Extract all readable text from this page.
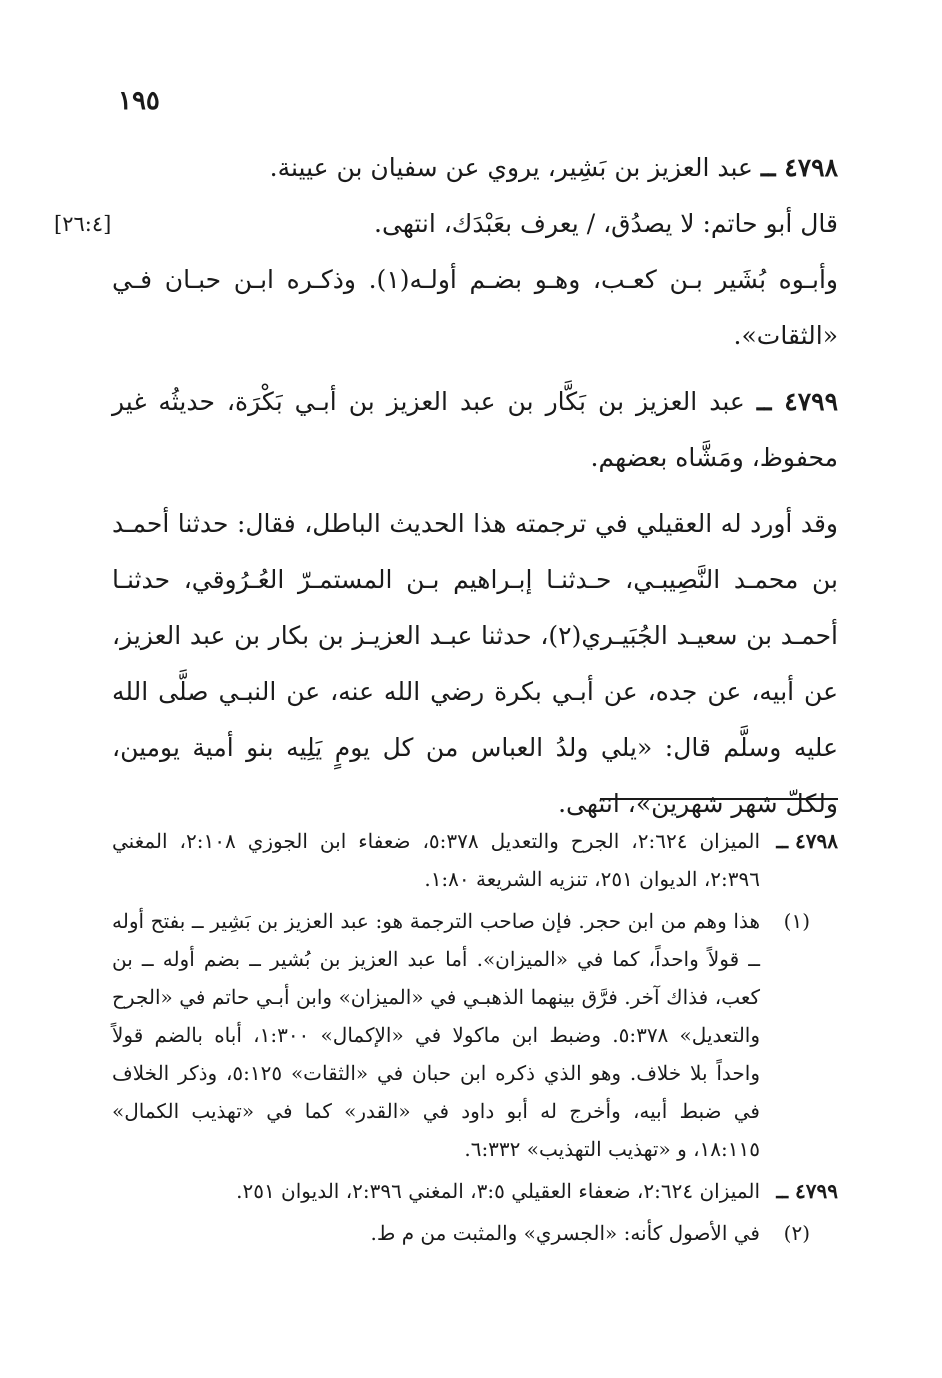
١٩٥

٤٧٩٨ ــ عبد العزيز بن بَشِير، يروي عن سفيان بن عيينة.

قال أبو حاتم: لا يصدُق، / يعرف بعَبْدَك، انتهى.
[٢٦:٤]

وأبـوه بُشَير بـن كعـب، وهـو بضـم أولـه(١). وذكـره ابـن حبـان فـي «الثقات».

٤٧٩٩ ــ عبد العزيز بن بَكَّار بن عبد العزيز بن أبـي بَكْرَة، حديثُه غير محفوظ، ومَشَّاه بعضهم.

وقد أورد له العقيلي في ترجمته هذا الحديث الباطل، فقال: حدثنا أحمـد بن محمـد النَّصِيبـي، حـدثنـا إبـراهيم بـن المستمـرّ العُـرُوقي، حدثنـا أحمـد بن سعيـد الجُبَيـري(٢)، حدثنا عبـد العزيـز بن بكار بن عبد العزيز، عن أبيه، عن جده، عن أبـي بكرة رضي الله عنه، عن النبـي صلَّى الله عليه وسلَّم قال: «يلي ولدُ العباس من كل يومٍ يَلِيه بنو أمية يومين، ولكلّ شهر شهرين»، انتهى.

٤٧٩٨ ــ
الميزان ٢:٦٢٤، الجرح والتعديل ٥:٣٧٨، ضعفاء ابن الجوزي ٢:١٠٨، المغني ٢:٣٩٦، الديوان ٢٥١، تنزيه الشريعة ١:٨٠.
(١)
هذا وهم من ابن حجر. فإن صاحب الترجمة هو: عبد العزيز بن بَشِير ــ بفتح أوله ــ قولاً واحداً، كما في «الميزان». أما عبد العزيز بن بُشير ــ بضم أوله ــ بن كعب، فذاك آخر. فرَّق بينهما الذهبـي في «الميزان» وابن أبـي حاتم في «الجرح والتعديل» ٥:٣٧٨. وضبط ابن ماكولا في «الإكمال» ١:٣٠٠، أباه بالضم قولاً واحداً بلا خلاف. وهو الذي ذكره ابن حبان في «الثقات» ٥:١٢٥، وذكر الخلاف في ضبط أبيه، وأخرج له أبو داود في «القدر» كما في «تهذيب الكمال» ١٨:١١٥، و «تهذيب التهذيب» ٦:٣٣٢.
٤٧٩٩ ــ
الميزان ٢:٦٢٤، ضعفاء العقيلي ٣:٥، المغني ٢:٣٩٦، الديوان ٢٥١.
(٢)
في الأصول كأنه: «الجسري» والمثبت من م ط.
